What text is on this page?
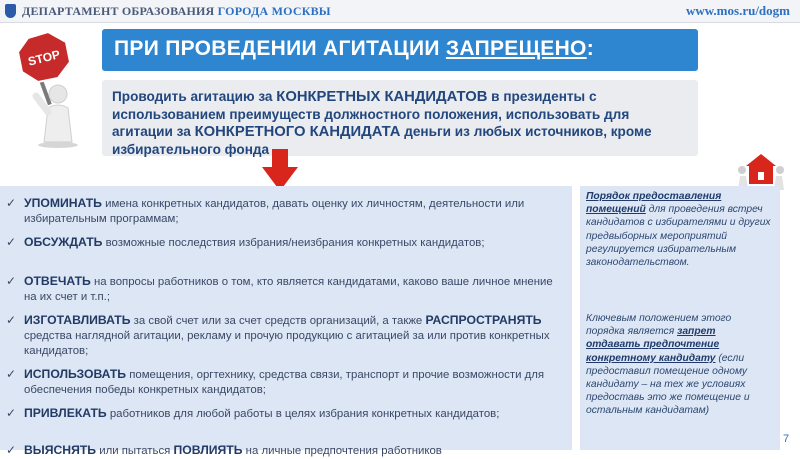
ДЕПАРТАМЕНТ ОБРАЗОВАНИЯ ГОРОДА МОСКВЫ	www.mos.ru/dogm
STOP	ПРИ ПРОВЕДЕНИИ АГИТАЦИИ ЗАПРЕЩЕНО:
Проводить агитацию за КОНКРЕТНЫХ КАНДИДАТОВ в президенты с использованием преимуществ должностного положения, использовать для агитации за КОНКРЕТНОГО КАНДИДАТА деньги из любых источников, кроме избирательного фонда
✓ УПОМИНАТЬ имена конкретных кандидатов, давать оценку их личностям, деятельности или избирательным программам;
✓ ОБСУЖДАТЬ возможные последствия избрания/неизбрания конкретных кандидатов;
✓ ОТВЕЧАТЬ на вопросы работников о том, кто является кандидатами, каково ваше личное мнение на их счет и т.п.;
✓ ИЗГОТАВЛИВАТЬ за свой счет или за счет средств организаций, а также РАСПРОСТРАНЯТЬ средства наглядной агитации, рекламу и прочую продукцию с агитацией за или против конкретных кандидатов;
✓ ИСПОЛЬЗОВАТЬ помещения, оргтехнику, средства связи, транспорт и прочие возможности для обеспечения победы конкретных кандидатов;
✓ ПРИВЛЕКАТЬ работников для любой работы в целях избрания конкретных кандидатов;
✓ ВЫЯСНЯТЬ или пытаться ПОВЛИЯТЬ на личные предпочтения работников
Порядок предоставления помещений для проведения встреч кандидатов с избирателями и других предвыборных мероприятий регулируется избирательным законодательством.
Ключевым положением этого порядка является запрет отдавать предпочтение конкретному кандидату (если предоставил помещение одному кандидату – на тех же условиях предоставь это же помещение и остальным кандидатам)
7
